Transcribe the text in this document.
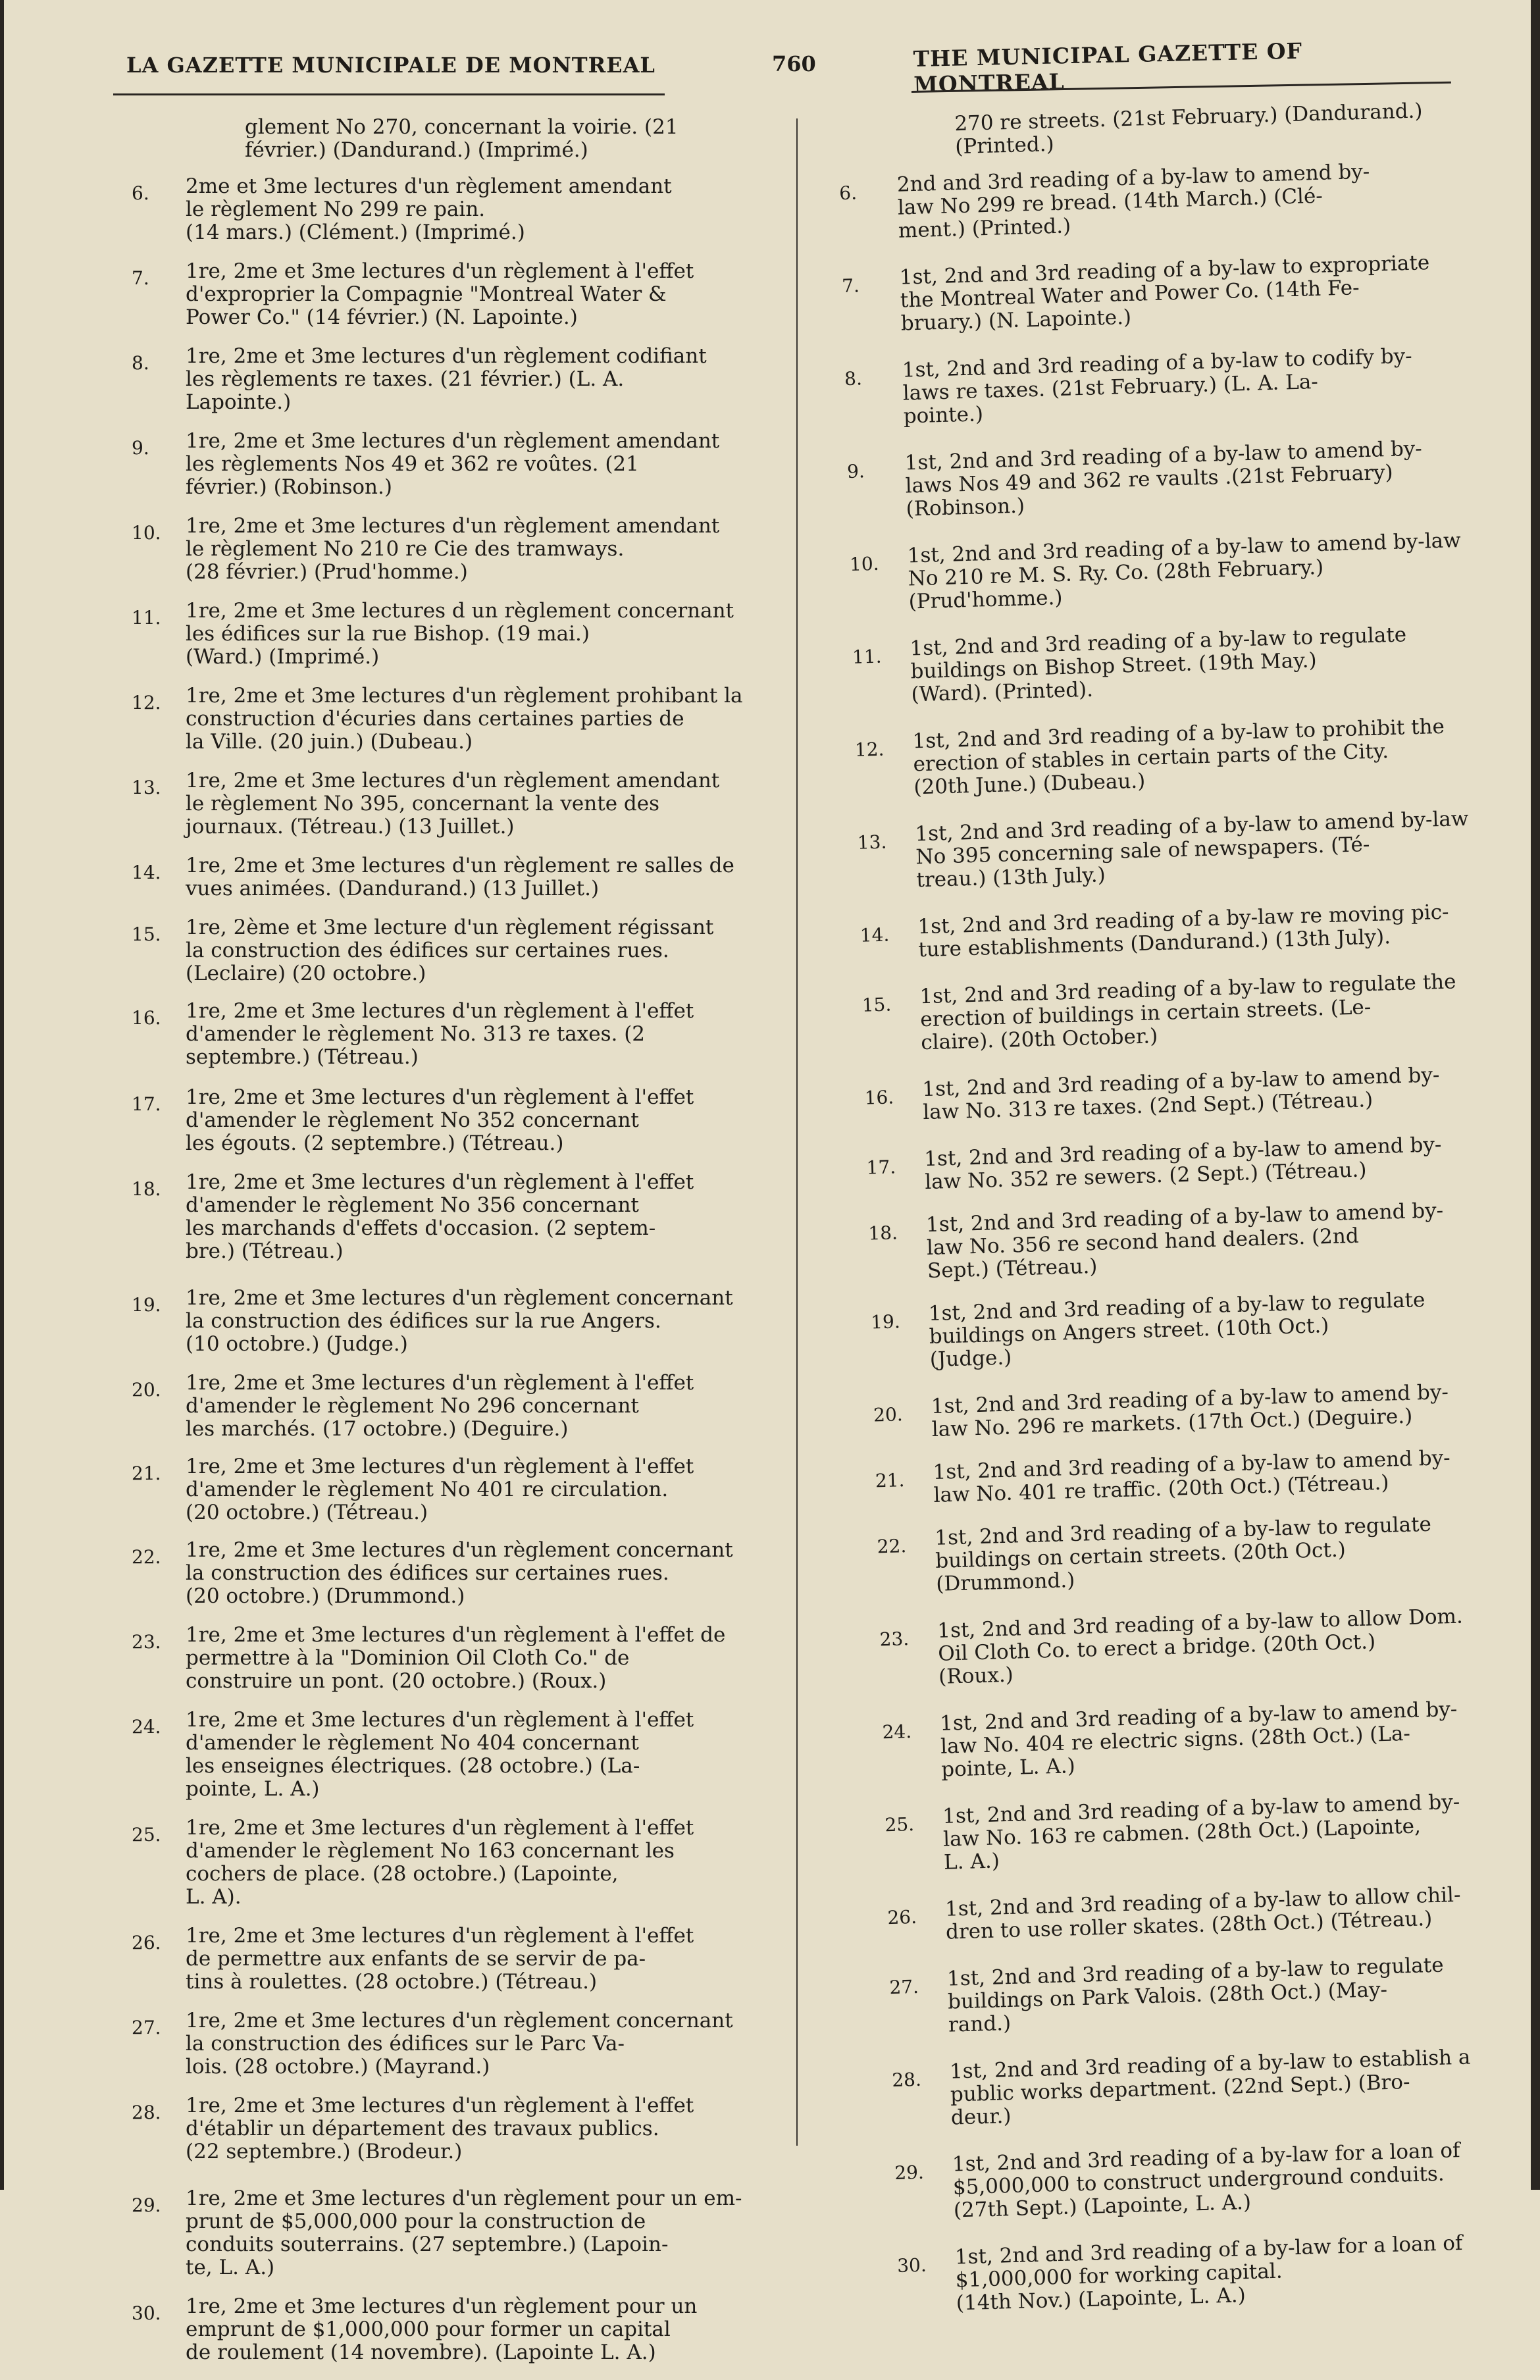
LA GAZETTE MUNICIPALE DE MONTREAL	760	THE MUNICIPAL GAZETTE OF MONTREAL
glement No 270, concernant la voirie. (21
février.) (Dandurand.) (Imprimé.)
6.	2me et 3me lectures d'un règlement amendant
le règlement No 299 re pain.
(14 mars.) (Clément.) (Imprimé.)
7.	1re, 2me et 3me lectures d'un règlement à l'effet
d'exproprier la Compagnie "Montreal Water &
Power Co." (14 février.) (N. Lapointe.)
8.	1re, 2me et 3me lectures d'un règlement codifiant
les règlements re taxes. (21 février.) (L. A.
Lapointe.)
9.	1re, 2me et 3me lectures d'un règlement amendant
les règlements Nos 49 et 362 re voûtes. (21
février.) (Robinson.)
10.	1re, 2me et 3me lectures d'un règlement amendant
le règlement No 210 re Cie des tramways.
(28 février.) (Prud'homme.)
11.	1re, 2me et 3me lectures d un règlement concernant
les édifices sur la rue Bishop. (19 mai.)
(Ward.) (Imprimé.)
12.	1re, 2me et 3me lectures d'un règlement prohibant la
construction d'écuries dans certaines parties de
la Ville. (20 juin.) (Dubeau.)
13.	1re, 2me et 3me lectures d'un règlement amendant
le règlement No 395, concernant la vente des
journaux. (Tétreau.) (13 Juillet.)
14.	1re, 2me et 3me lectures d'un règlement re salles de
vues animées. (Dandurand.) (13 Juillet.)
15.	1re, 2ème et 3me lecture d'un règlement régissant
la construction des édifices sur certaines rues.
(Leclaire) (20 octobre.)
16.	1re, 2me et 3me lectures d'un règlement à l'effet
d'amender le règlement No. 313 re taxes. (2
septembre.) (Tétreau.)
17.	1re, 2me et 3me lectures d'un règlement à l'effet
d'amender le règlement No 352 concernant
les égouts. (2 septembre.) (Tétreau.)
18.	1re, 2me et 3me lectures d'un règlement à l'effet
d'amender le règlement No 356 concernant
les marchands d'effets d'occasion. (2 septem-
bre.) (Tétreau.)
19.	1re, 2me et 3me lectures d'un règlement concernant
la construction des édifices sur la rue Angers.
(10 octobre.) (Judge.)
20.	1re, 2me et 3me lectures d'un règlement à l'effet
d'amender le règlement No 296 concernant
les marchés. (17 octobre.) (Deguire.)
21.	1re, 2me et 3me lectures d'un règlement à l'effet
d'amender le règlement No 401 re circulation.
(20 octobre.) (Tétreau.)
22.	1re, 2me et 3me lectures d'un règlement concernant
la construction des édifices sur certaines rues.
(20 octobre.) (Drummond.)
23.	1re, 2me et 3me lectures d'un règlement à l'effet de
permettre à la "Dominion Oil Cloth Co." de
construire un pont. (20 octobre.) (Roux.)
24.	1re, 2me et 3me lectures d'un règlement à l'effet
d'amender le règlement No 404 concernant
les enseignes électriques. (28 octobre.) (La-
pointe, L. A.)
25.	1re, 2me et 3me lectures d'un règlement à l'effet
d'amender le règlement No 163 concernant les
cochers de place. (28 octobre.) (Lapointe,
L. A).
26.	1re, 2me et 3me lectures d'un règlement à l'effet
de permettre aux enfants de se servir de pa-
tins à roulettes. (28 octobre.) (Tétreau.)
27.	1re, 2me et 3me lectures d'un règlement concernant
la construction des édifices sur le Parc Va-
lois. (28 octobre.) (Mayrand.)
28.	1re, 2me et 3me lectures d'un règlement à l'effet
d'établir un département des travaux publics.
(22 septembre.) (Brodeur.)
29.	1re, 2me et 3me lectures d'un règlement pour un em-
prunt de $5,000,000 pour la construction de
conduits souterrains. (27 septembre.) (Lapoin-
te, L. A.)
30.	1re, 2me et 3me lectures d'un règlement pour un
emprunt de $1,000,000 pour former un capital
de roulement (14 novembre). (Lapointe L. A.)
270 re streets. (21st February.) (Dandurand.)
(Printed.)
6.	2nd and 3rd reading of a by-law to amend by-
law No 299 re bread. (14th March.) (Clé-
ment.) (Printed.)
7.	1st, 2nd and 3rd reading of a by-law to expropriate
the Montreal Water and Power Co. (14th Fe-
bruary.) (N. Lapointe.)
8.	1st, 2nd and 3rd reading of a by-law to codify by-
laws re taxes. (21st February.) (L. A. La-
pointe.)
9.	1st, 2nd and 3rd reading of a by-law to amend by-
laws Nos 49 and 362 re vaults .(21st February)
(Robinson.)
10.	1st, 2nd and 3rd reading of a by-law to amend by-law
No 210 re M. S. Ry. Co. (28th February.)
(Prud'homme.)
11.	1st, 2nd and 3rd reading of a by-law to regulate
buildings on Bishop Street. (19th May.)
(Ward). (Printed).
12.	1st, 2nd and 3rd reading of a by-law to prohibit the
erection of stables in certain parts of the City.
(20th June.) (Dubeau.)
13.	1st, 2nd and 3rd reading of a by-law to amend by-law
No 395 concerning sale of newspapers. (Té-
treau.) (13th July.)
14.	1st, 2nd and 3rd reading of a by-law re moving pic-
ture establishments (Dandurand.) (13th July).
15.	1st, 2nd and 3rd reading of a by-law to regulate the
erection of buildings in certain streets. (Le-
claire). (20th October.)
16.	1st, 2nd and 3rd reading of a by-law to amend by-
law No. 313 re taxes. (2nd Sept.) (Tétreau.)
17.	1st, 2nd and 3rd reading of a by-law to amend by-
law No. 352 re sewers. (2 Sept.) (Tétreau.)
18.	1st, 2nd and 3rd reading of a by-law to amend by-
law No. 356 re second hand dealers. (2nd
Sept.) (Tétreau.)
19.	1st, 2nd and 3rd reading of a by-law to regulate
buildings on Angers street. (10th Oct.)
(Judge.)
20.	1st, 2nd and 3rd reading of a by-law to amend by-
law No. 296 re markets. (17th Oct.) (Deguire.)
21.	1st, 2nd and 3rd reading of a by-law to amend by-
law No. 401 re traffic. (20th Oct.) (Tétreau.)
22.	1st, 2nd and 3rd reading of a by-law to regulate
buildings on certain streets. (20th Oct.)
(Drummond.)
23.	1st, 2nd and 3rd reading of a by-law to allow Dom.
Oil Cloth Co. to erect a bridge. (20th Oct.)
(Roux.)
24.	1st, 2nd and 3rd reading of a by-law to amend by-
law No. 404 re electric signs. (28th Oct.) (La-
pointe, L. A.)
25.	1st, 2nd and 3rd reading of a by-law to amend by-
law No. 163 re cabmen. (28th Oct.) (Lapointe,
L. A.)
26.	1st, 2nd and 3rd reading of a by-law to allow chil-
dren to use roller skates. (28th Oct.) (Tétreau.)
27.	1st, 2nd and 3rd reading of a by-law to regulate
buildings on Park Valois. (28th Oct.) (May-
rand.)
28.	1st, 2nd and 3rd reading of a by-law to establish a
public works department. (22nd Sept.) (Bro-
deur.)
29.	1st, 2nd and 3rd reading of a by-law for a loan of
$5,000,000 to construct underground conduits.
(27th Sept.) (Lapointe, L. A.)
30.	1st, 2nd and 3rd reading of a by-law for a loan of
$1,000,000 for working capital.
(14th Nov.) (Lapointe, L. A.)
